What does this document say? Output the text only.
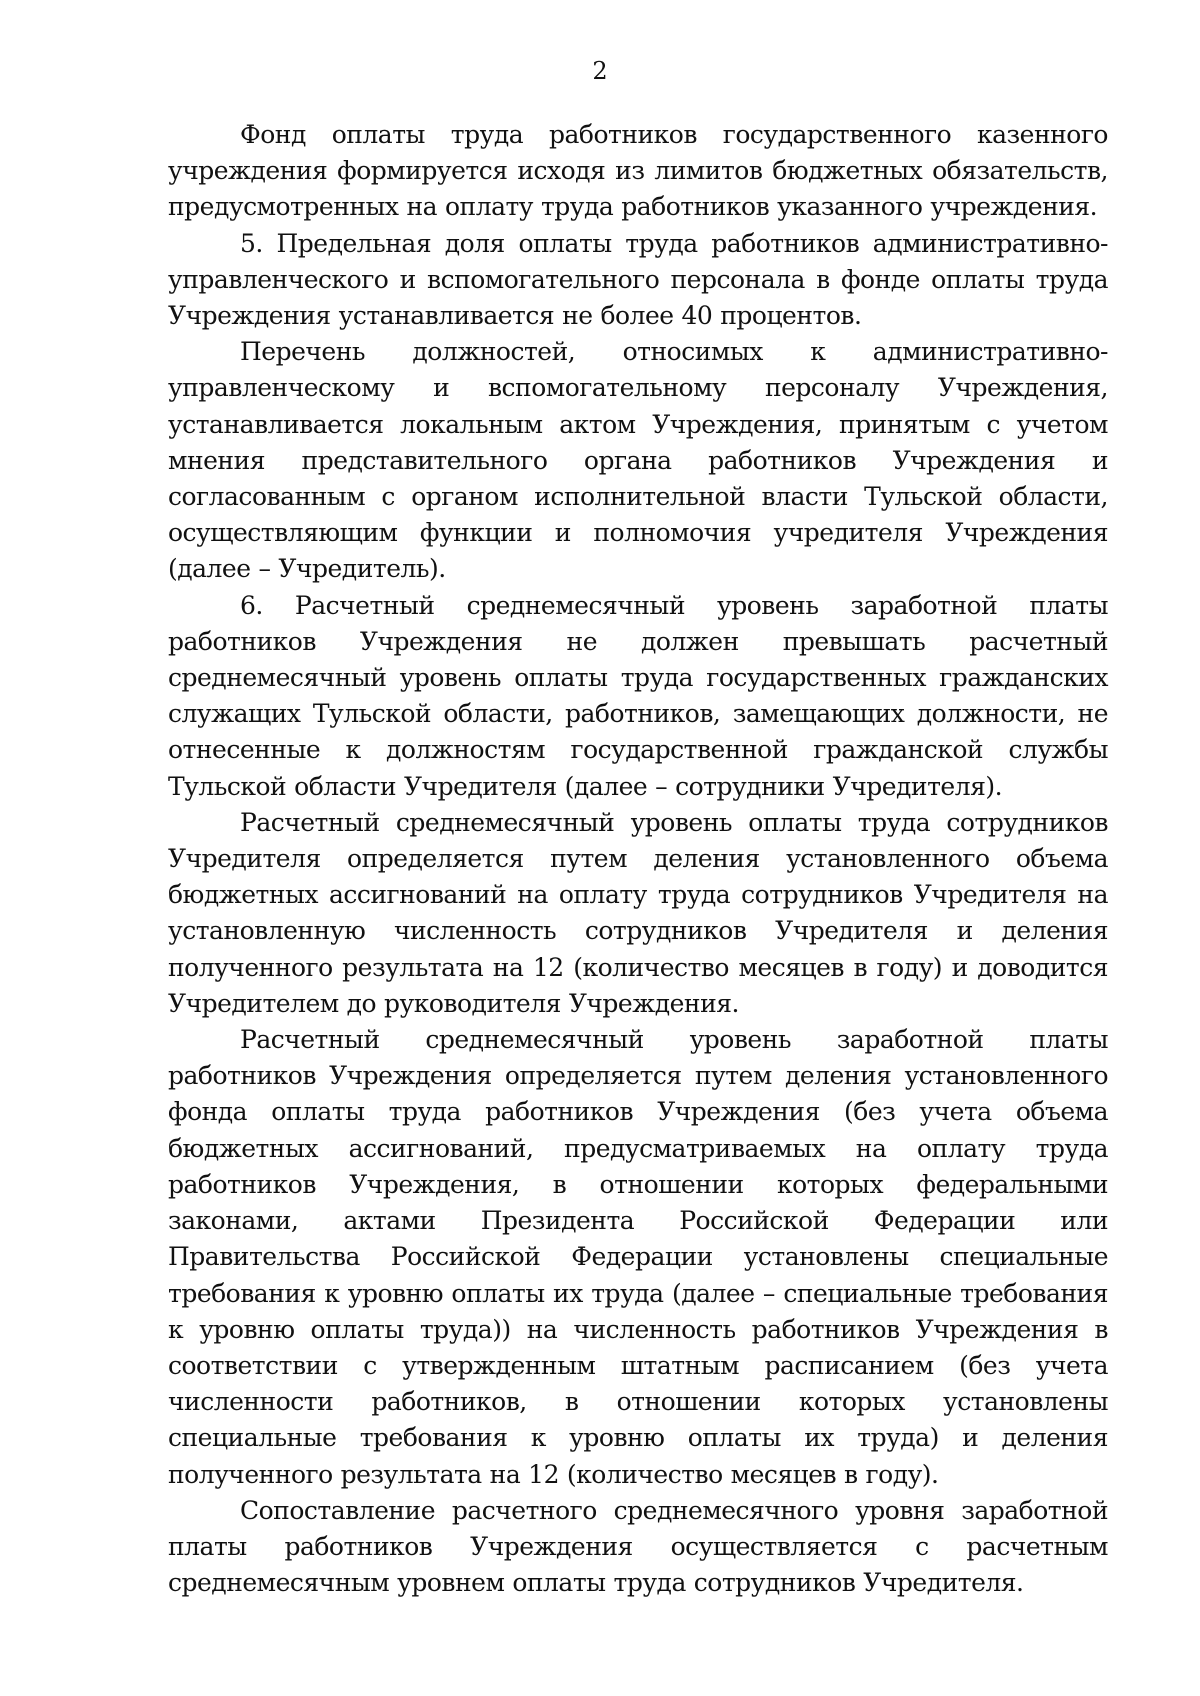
2

Фонд оплаты труда работников государственного казенного учреждения формируется исходя из лимитов бюджетных обязательств, предусмотренных на оплату труда работников указанного учреждения.

5. Предельная доля оплаты труда работников административно-управленческого и вспомогательного персонала в фонде оплаты труда Учреждения устанавливается не более 40 процентов.

Перечень должностей, относимых к административно-управленческому и вспомогательному персоналу Учреждения, устанавливается локальным актом Учреждения, принятым с учетом мнения представительного органа работников Учреждения и согласованным с органом исполнительной власти Тульской области, осуществляющим функции и полномочия учредителя Учреждения (далее – Учредитель).

6. Расчетный среднемесячный уровень заработной платы работников Учреждения не должен превышать расчетный среднемесячный уровень оплаты труда государственных гражданских служащих Тульской области, работников, замещающих должности, не отнесенные к должностям государственной гражданской службы Тульской области Учредителя (далее – сотрудники Учредителя).

Расчетный среднемесячный уровень оплаты труда сотрудников Учредителя определяется путем деления установленного объема бюджетных ассигнований на оплату труда сотрудников Учредителя на установленную численность сотрудников Учредителя и деления полученного результата на 12 (количество месяцев в году) и доводится Учредителем до руководителя Учреждения.

Расчетный среднемесячный уровень заработной платы работников Учреждения определяется путем деления установленного фонда оплаты труда работников Учреждения (без учета объема бюджетных ассигнований, предусматриваемых на оплату труда работников Учреждения, в отношении которых федеральными законами, актами Президента Российской Федерации или Правительства Российской Федерации установлены специальные требования к уровню оплаты их труда (далее – специальные требования к уровню оплаты труда)) на численность работников Учреждения в соответствии с утвержденным штатным расписанием (без учета численности работников, в отношении которых установлены специальные требования к уровню оплаты их труда) и деления полученного результата на 12 (количество месяцев в году).

Сопоставление расчетного среднемесячного уровня заработной платы работников Учреждения осуществляется с расчетным среднемесячным уровнем оплаты труда сотрудников Учредителя.
